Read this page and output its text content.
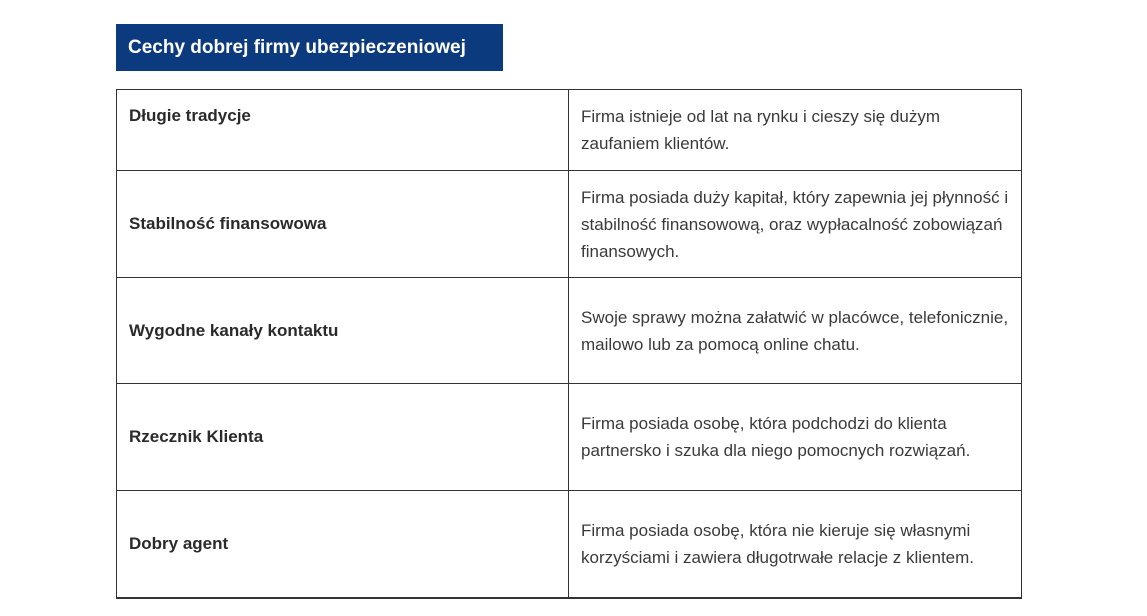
Cechy dobrej firmy ubezpieczeniowej
Długie tradycje	Firma istnieje od lat na rynku i cieszy się dużym zaufaniem klientów.
Stabilność finansowowa	Firma posiada duży kapitał, który zapewnia jej płynność i stabilność finansowową, oraz wypłacalność zobowiązań finansowych.
Wygodne kanały kontaktu	Swoje sprawy można załatwić w placówce, telefonicznie, mailowo lub za pomocą online chatu.
Rzecznik Klienta	Firma posiada osobę, która podchodzi do klienta partnersko i szuka dla niego pomocnych rozwiązań.
Dobry agent	Firma posiada osobę, która nie kieruje się własnymi korzyściami i zawiera długotrwałe relacje z klientem.
